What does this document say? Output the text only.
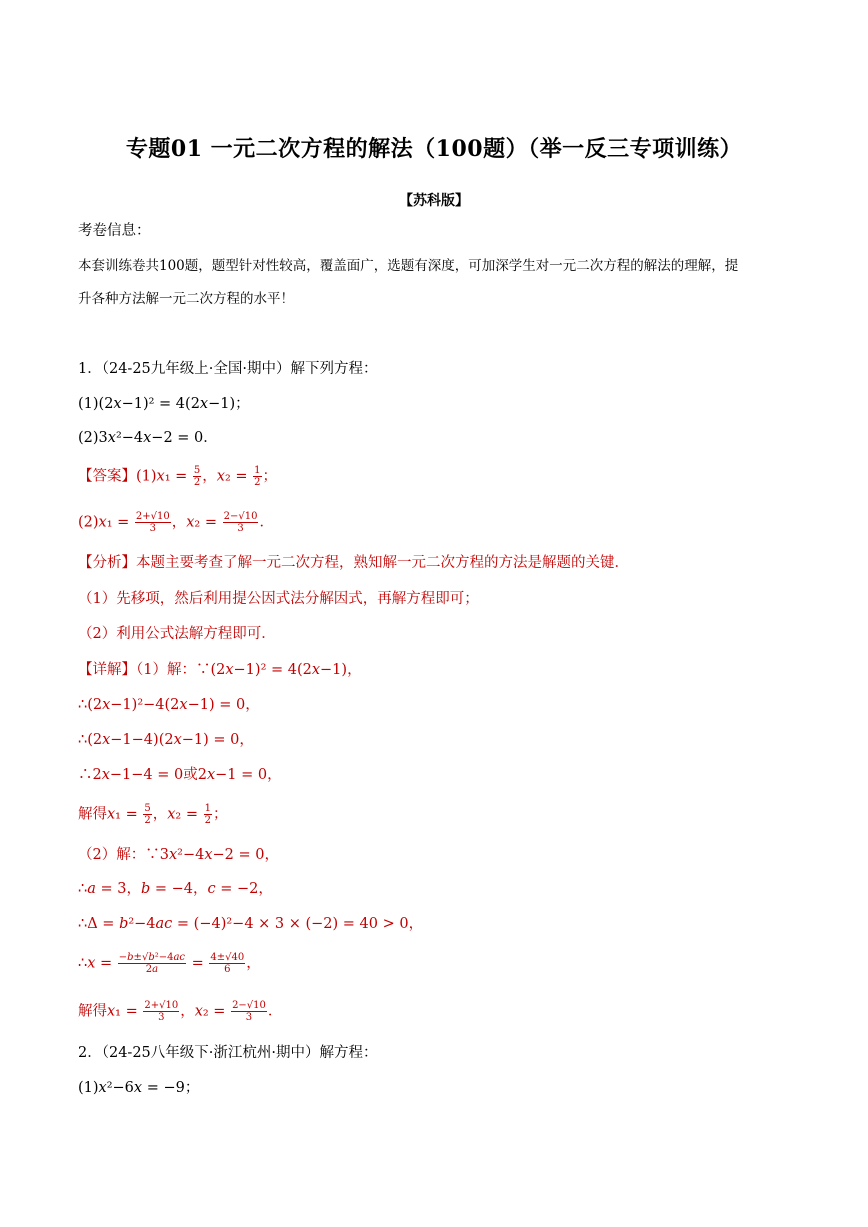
专题01 一元二次方程的解法（100题）（举一反三专项训练）
【苏科版】
考卷信息：
本套训练卷共100题，题型针对性较高，覆盖面广，选题有深度，可加深学生对一元二次方程的解法的理解，提
升各种方法解一元二次方程的水平！
1．（24-25九年级上·全国·期中）解下列方程：
(1)(2𝑥−1)² = 4(2𝑥−1)；
(2)3𝑥²−4𝑥−2 = 0．
【答案】(1)𝑥₁ = $\frac{5}{2}$ ，𝑥₂ = $\frac{1}{2}$ ；
(2)𝑥₁ = $\frac{2+√10}{3}$ ，𝑥₂ = $\frac{2-√10}{3}$ ．
【分析】本题主要考查了解一元二次方程，熟知解一元二次方程的方法是解题的关键．
（1）先移项，然后利用提公因式法分解因式，再解方程即可；
（2）利用公式法解方程即可．
【详解】（1）解：∵(2𝑥−1)² = 4(2𝑥−1)，
∴(2𝑥−1)²−4(2𝑥−1) = 0，
∴(2𝑥−1−4)(2𝑥−1) = 0，
∴2𝑥−1−4 = 0或2𝑥−1 = 0，
解得𝑥₁ = $\frac{5}{2}$ ，𝑥₂ = $\frac{1}{2}$ ；
（2）解：∵3𝑥²−4𝑥−2 = 0，
∴𝑎 = 3，𝑏 = −4，𝑐 = −2，
∴Δ = 𝑏²−4𝑎𝑐 = (−4)²−4 × 3 × (−2) = 40 > 0，
∴𝑥 = $\frac{\text{−𝑏±√𝑏²−4𝑎𝑐}}{\text{2𝑎}} = \frac{4\pm√40}{6}$ ，
解得𝑥₁ = $\frac{2+√10}{3}$ ，𝑥₂ = $\frac{2-√10}{3}$ ．
2．（24-25八年级下·浙江杭州·期中）解方程：
(1)𝑥²−6𝑥 = −9；
